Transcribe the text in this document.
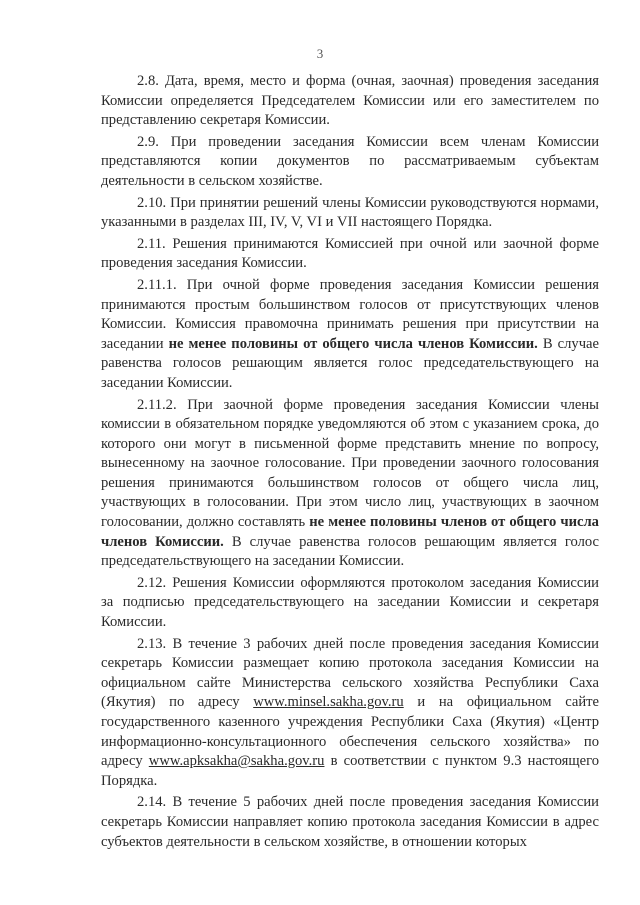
3

2.8. Дата, время, место и форма (очная, заочная) проведения заседания Комиссии определяется Председателем Комиссии или его заместителем по представлению секретаря Комиссии.

2.9. При проведении заседания Комиссии всем членам Комиссии представляются копии документов по рассматриваемым субъектам деятельности в сельском хозяйстве.

2.10. При принятии решений члены Комиссии руководствуются нормами, указанными в разделах III, IV, V, VI и VII настоящего Порядка.

2.11. Решения принимаются Комиссией при очной или заочной форме проведения заседания Комиссии.

2.11.1. При очной форме проведения заседания Комиссии решения принимаются простым большинством голосов от присутствующих членов Комиссии. Комиссия правомочна принимать решения при присутствии на заседании не менее половины от общего числа членов Комиссии. В случае равенства голосов решающим является голос председательствующего на заседании Комиссии.

2.11.2. При заочной форме проведения заседания Комиссии члены комиссии в обязательном порядке уведомляются об этом с указанием срока, до которого они могут в письменной форме представить мнение по вопросу, вынесенному на заочное голосование. При проведении заочного голосования решения принимаются большинством голосов от общего числа лиц, участвующих в голосовании. При этом число лиц, участвующих в заочном голосовании, должно составлять не менее половины членов от общего числа членов Комиссии. В случае равенства голосов решающим является голос председательствующего на заседании Комиссии.

2.12. Решения Комиссии оформляются протоколом заседания Комиссии за подписью председательствующего на заседании Комиссии и секретаря Комиссии.

2.13. В течение 3 рабочих дней после проведения заседания Комиссии секретарь Комиссии размещает копию протокола заседания Комиссии на официальном сайте Министерства сельского хозяйства Республики Саха (Якутия) по адресу www.minsel.sakha.gov.ru и на официальном сайте государственного казенного учреждения Республики Саха (Якутия) «Центр информационно-консультационного обеспечения сельского хозяйства» по адресу www.apksakha@sakha.gov.ru в соответствии с пунктом 9.3 настоящего Порядка.

2.14. В течение 5 рабочих дней после проведения заседания Комиссии секретарь Комиссии направляет копию протокола заседания Комиссии в адрес субъектов деятельности в сельском хозяйстве, в отношении которых
